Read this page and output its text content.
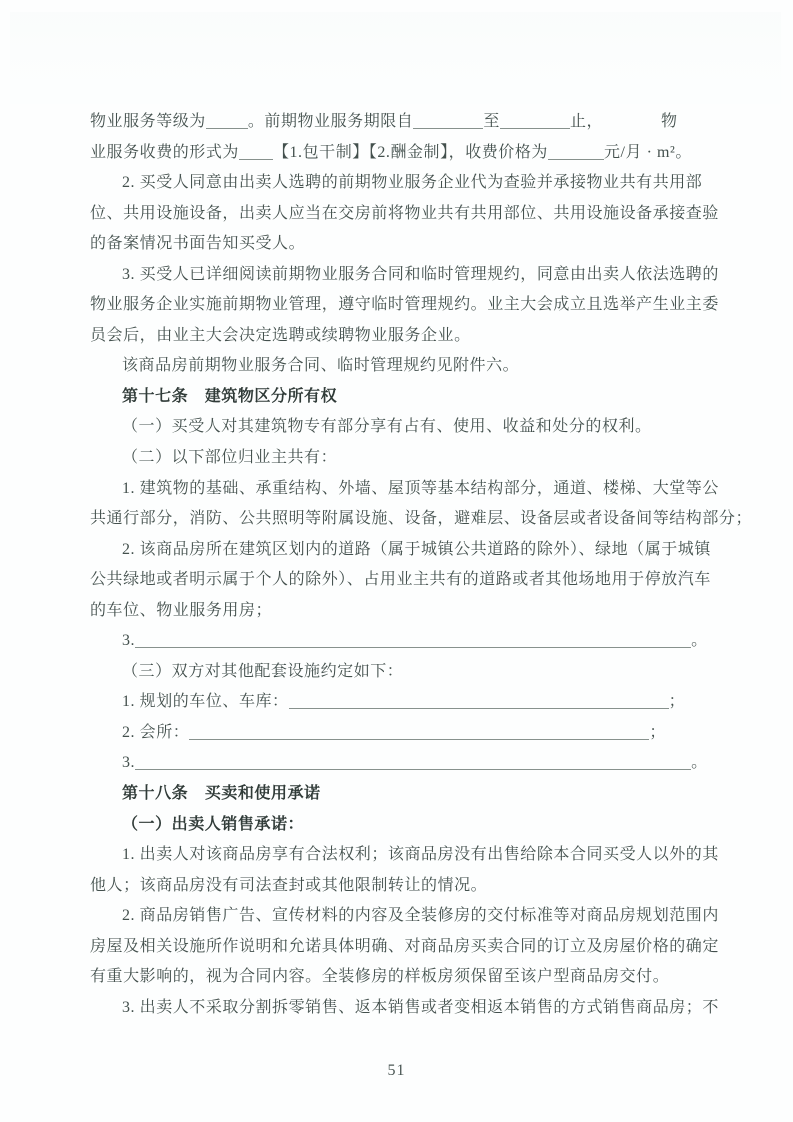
物业服务等级为	。前期物业服务期限自	至	止，	物
业服务收费的形式为 【1.包干制】【2.酬金制】，收费价格为	元/月 · m²。
2. 买受人同意由出卖人选聘的前期物业服务企业代为查验并承接物业共有共用部
位、共用设施设备，出卖人应当在交房前将物业共有共用部位、共用设施设备承接查验
的备案情况书面告知买受人。
3. 买受人已详细阅读前期物业服务合同和临时管理规约，同意由出卖人依法选聘的
物业服务企业实施前期物业管理，遵守临时管理规约。业主大会成立且选举产生业主委
员会后，由业主大会决定选聘或续聘物业服务企业。
该商品房前期物业服务合同、临时管理规约见附件六。
第十七条　建筑物区分所有权
（一）买受人对其建筑物专有部分享有占有、使用、收益和处分的权利。
（二）以下部位归业主共有：
1. 建筑物的基础、承重结构、外墙、屋顶等基本结构部分，通道、楼梯、大堂等公
共通行部分，消防、公共照明等附属设施、设备，避难层、设备层或者设备间等结构部分；
2. 该商品房所在建筑区划内的道路（属于城镇公共道路的除外）、绿地（属于城镇
公共绿地或者明示属于个人的除外）、占用业主共有的道路或者其他场地用于停放汽车
的车位、物业服务用房；
3.	。
（三）双方对其他配套设施约定如下：
1. 规划的车位、车库：	；
2. 会所：	；
3.	。
第十八条　买卖和使用承诺
（一）出卖人销售承诺：
1. 出卖人对该商品房享有合法权利；该商品房没有出售给除本合同买受人以外的其
他人；该商品房没有司法查封或其他限制转让的情况。
2. 商品房销售广告、宣传材料的内容及全装修房的交付标准等对商品房规划范围内
房屋及相关设施所作说明和允诺具体明确、对商品房买卖合同的订立及房屋价格的确定
有重大影响的，视为合同内容。全装修房的样板房须保留至该户型商品房交付。
3. 出卖人不采取分割拆零销售、返本销售或者变相返本销售的方式销售商品房；不
51
